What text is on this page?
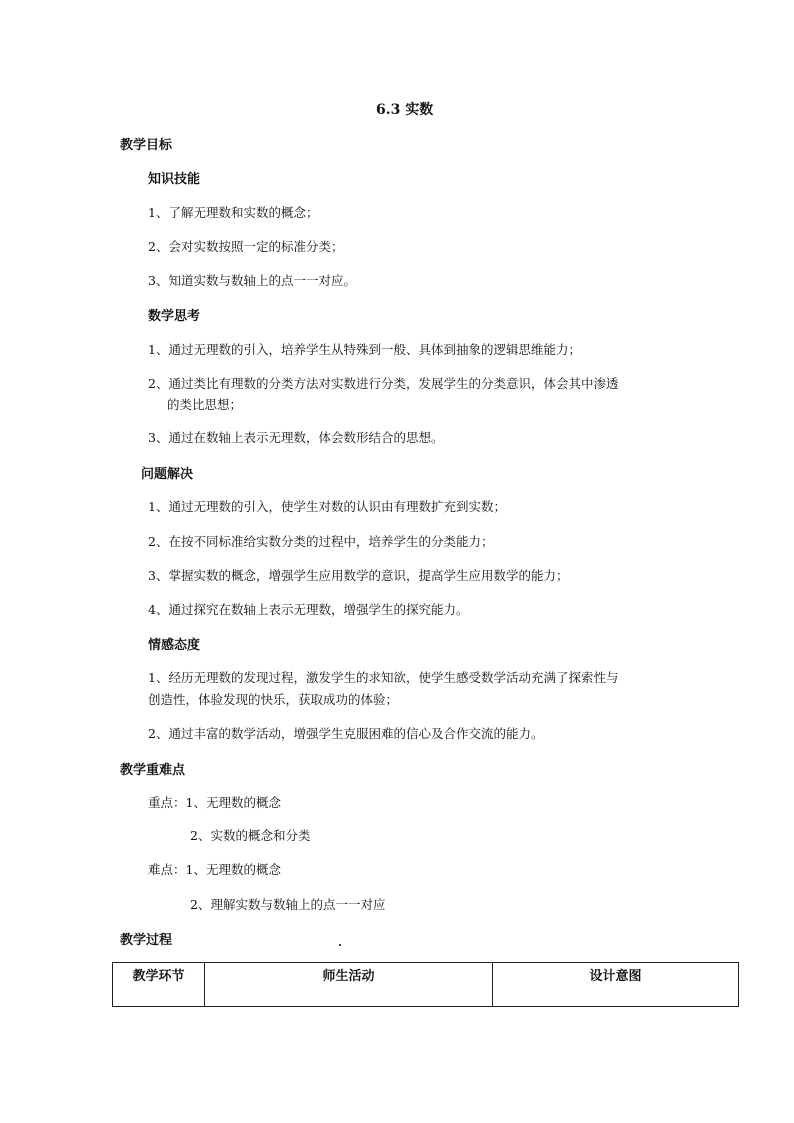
6.3 实数
教学目标
知识技能
1、了解无理数和实数的概念；
2、会对实数按照一定的标准分类；
3、知道实数与数轴上的点一一对应。
数学思考
1、通过无理数的引入，培养学生从特殊到一般、具体到抽象的逻辑思维能力；
2、通过类比有理数的分类方法对实数进行分类，发展学生的分类意识，体会其中渗透
的类比思想；
3、通过在数轴上表示无理数，体会数形结合的思想。
问题解决
1、通过无理数的引入，使学生对数的认识由有理数扩充到实数；
2、在按不同标准给实数分类的过程中，培养学生的分类能力；
3、掌握实数的概念，增强学生应用数学的意识，提高学生应用数学的能力；
4、通过探究在数轴上表示无理数，增强学生的探究能力。
情感态度
1、经历无理数的发现过程，激发学生的求知欲，使学生感受数学活动充满了探索性与
创造性，体验发现的快乐，获取成功的体验；
2、通过丰富的数学活动，增强学生克服困难的信心及合作交流的能力。
教学重难点
重点：1、无理数的概念
2、实数的概念和分类
难点：1、无理数的概念
2、理解实数与数轴上的点一一对应
教学过程
教学环节	师生活动	设计意图
